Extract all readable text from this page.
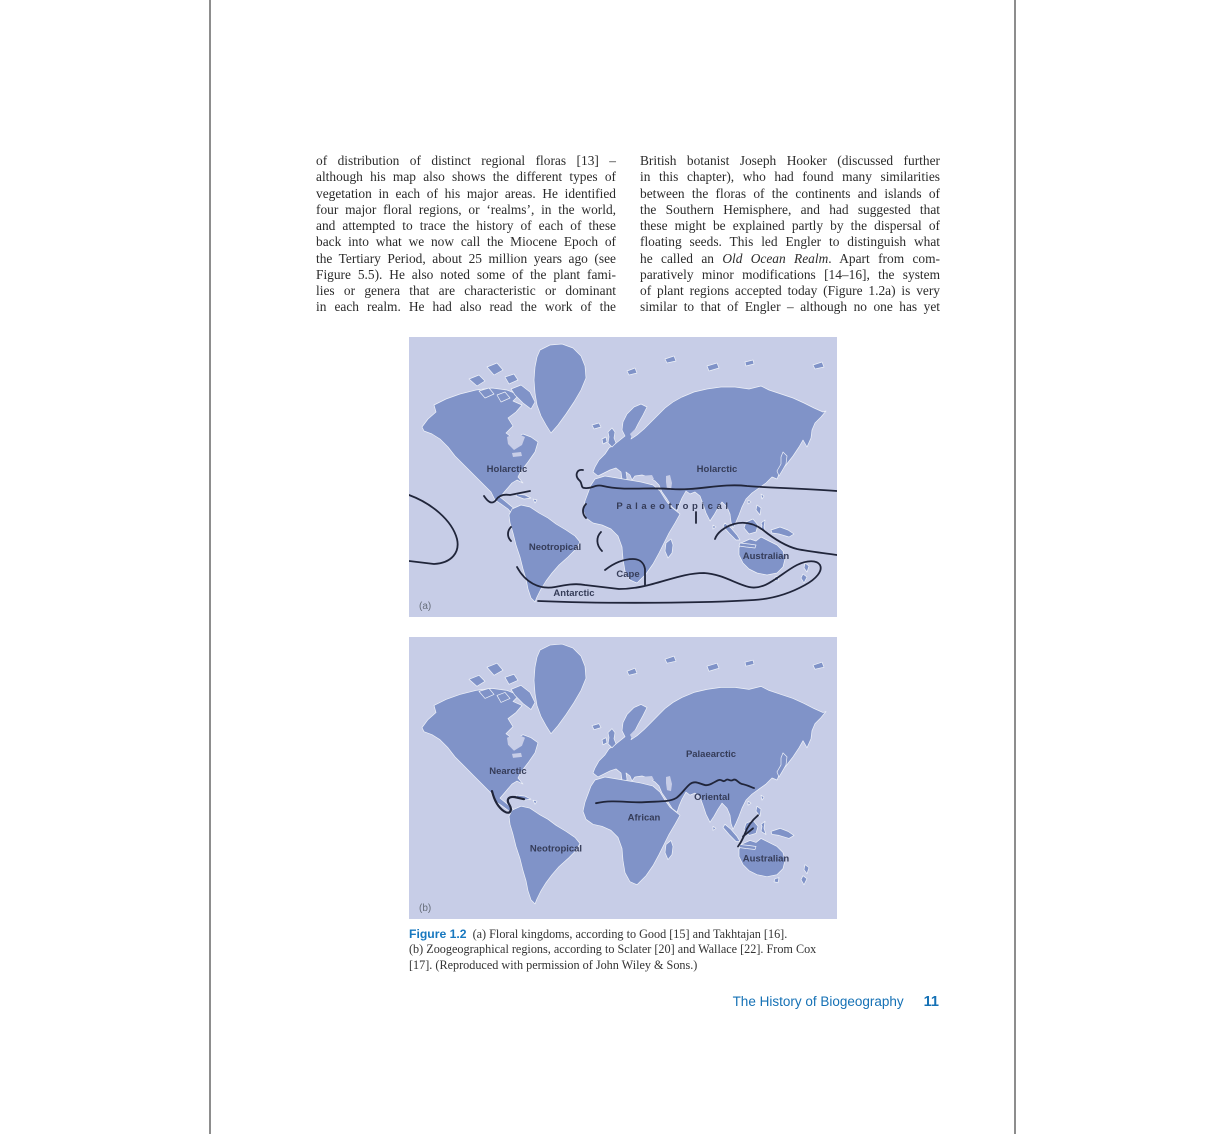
of distribution of distinct regional floras [13] –
although his map also shows the different types of
vegetation in each of his major areas. He identified
four major floral regions, or ‘realms’, in the world,
and attempted to trace the history of each of these
back into what we now call the Miocene Epoch of
the Tertiary Period, about 25 million years ago (see
Figure 5.5). He also noted some of the plant fami-
lies or genera that are characteristic or dominant
in each realm. He had also read the work of the
British botanist Joseph Hooker (discussed further
in this chapter), who had found many similarities
between the floras of the continents and islands of
the Southern Hemisphere, and had suggested that
these might be explained partly by the dispersal of
floating seeds. This led Engler to distinguish what
he called an Old Ocean Realm. Apart from com-
paratively minor modifications [14–16], the system
of plant regions accepted today (Figure 1.2a) is very
similar to that of Engler – although no one has yet
Holarctic	Holarctic
Palaeotropical
Neotropical
Cape
Antarctic
Australian
(a)
Nearctic
Palaearctic
Oriental
African
Neotropical
Australian
(b)
Figure 1.2 (a) Floral kingdoms, according to Good [15] and Takhtajan [16].
(b) Zoogeographical regions, according to Sclater [20] and Wallace [22]. From Cox
[17]. (Reproduced with permission of John Wiley & Sons.)
The History of Biogeography 11
